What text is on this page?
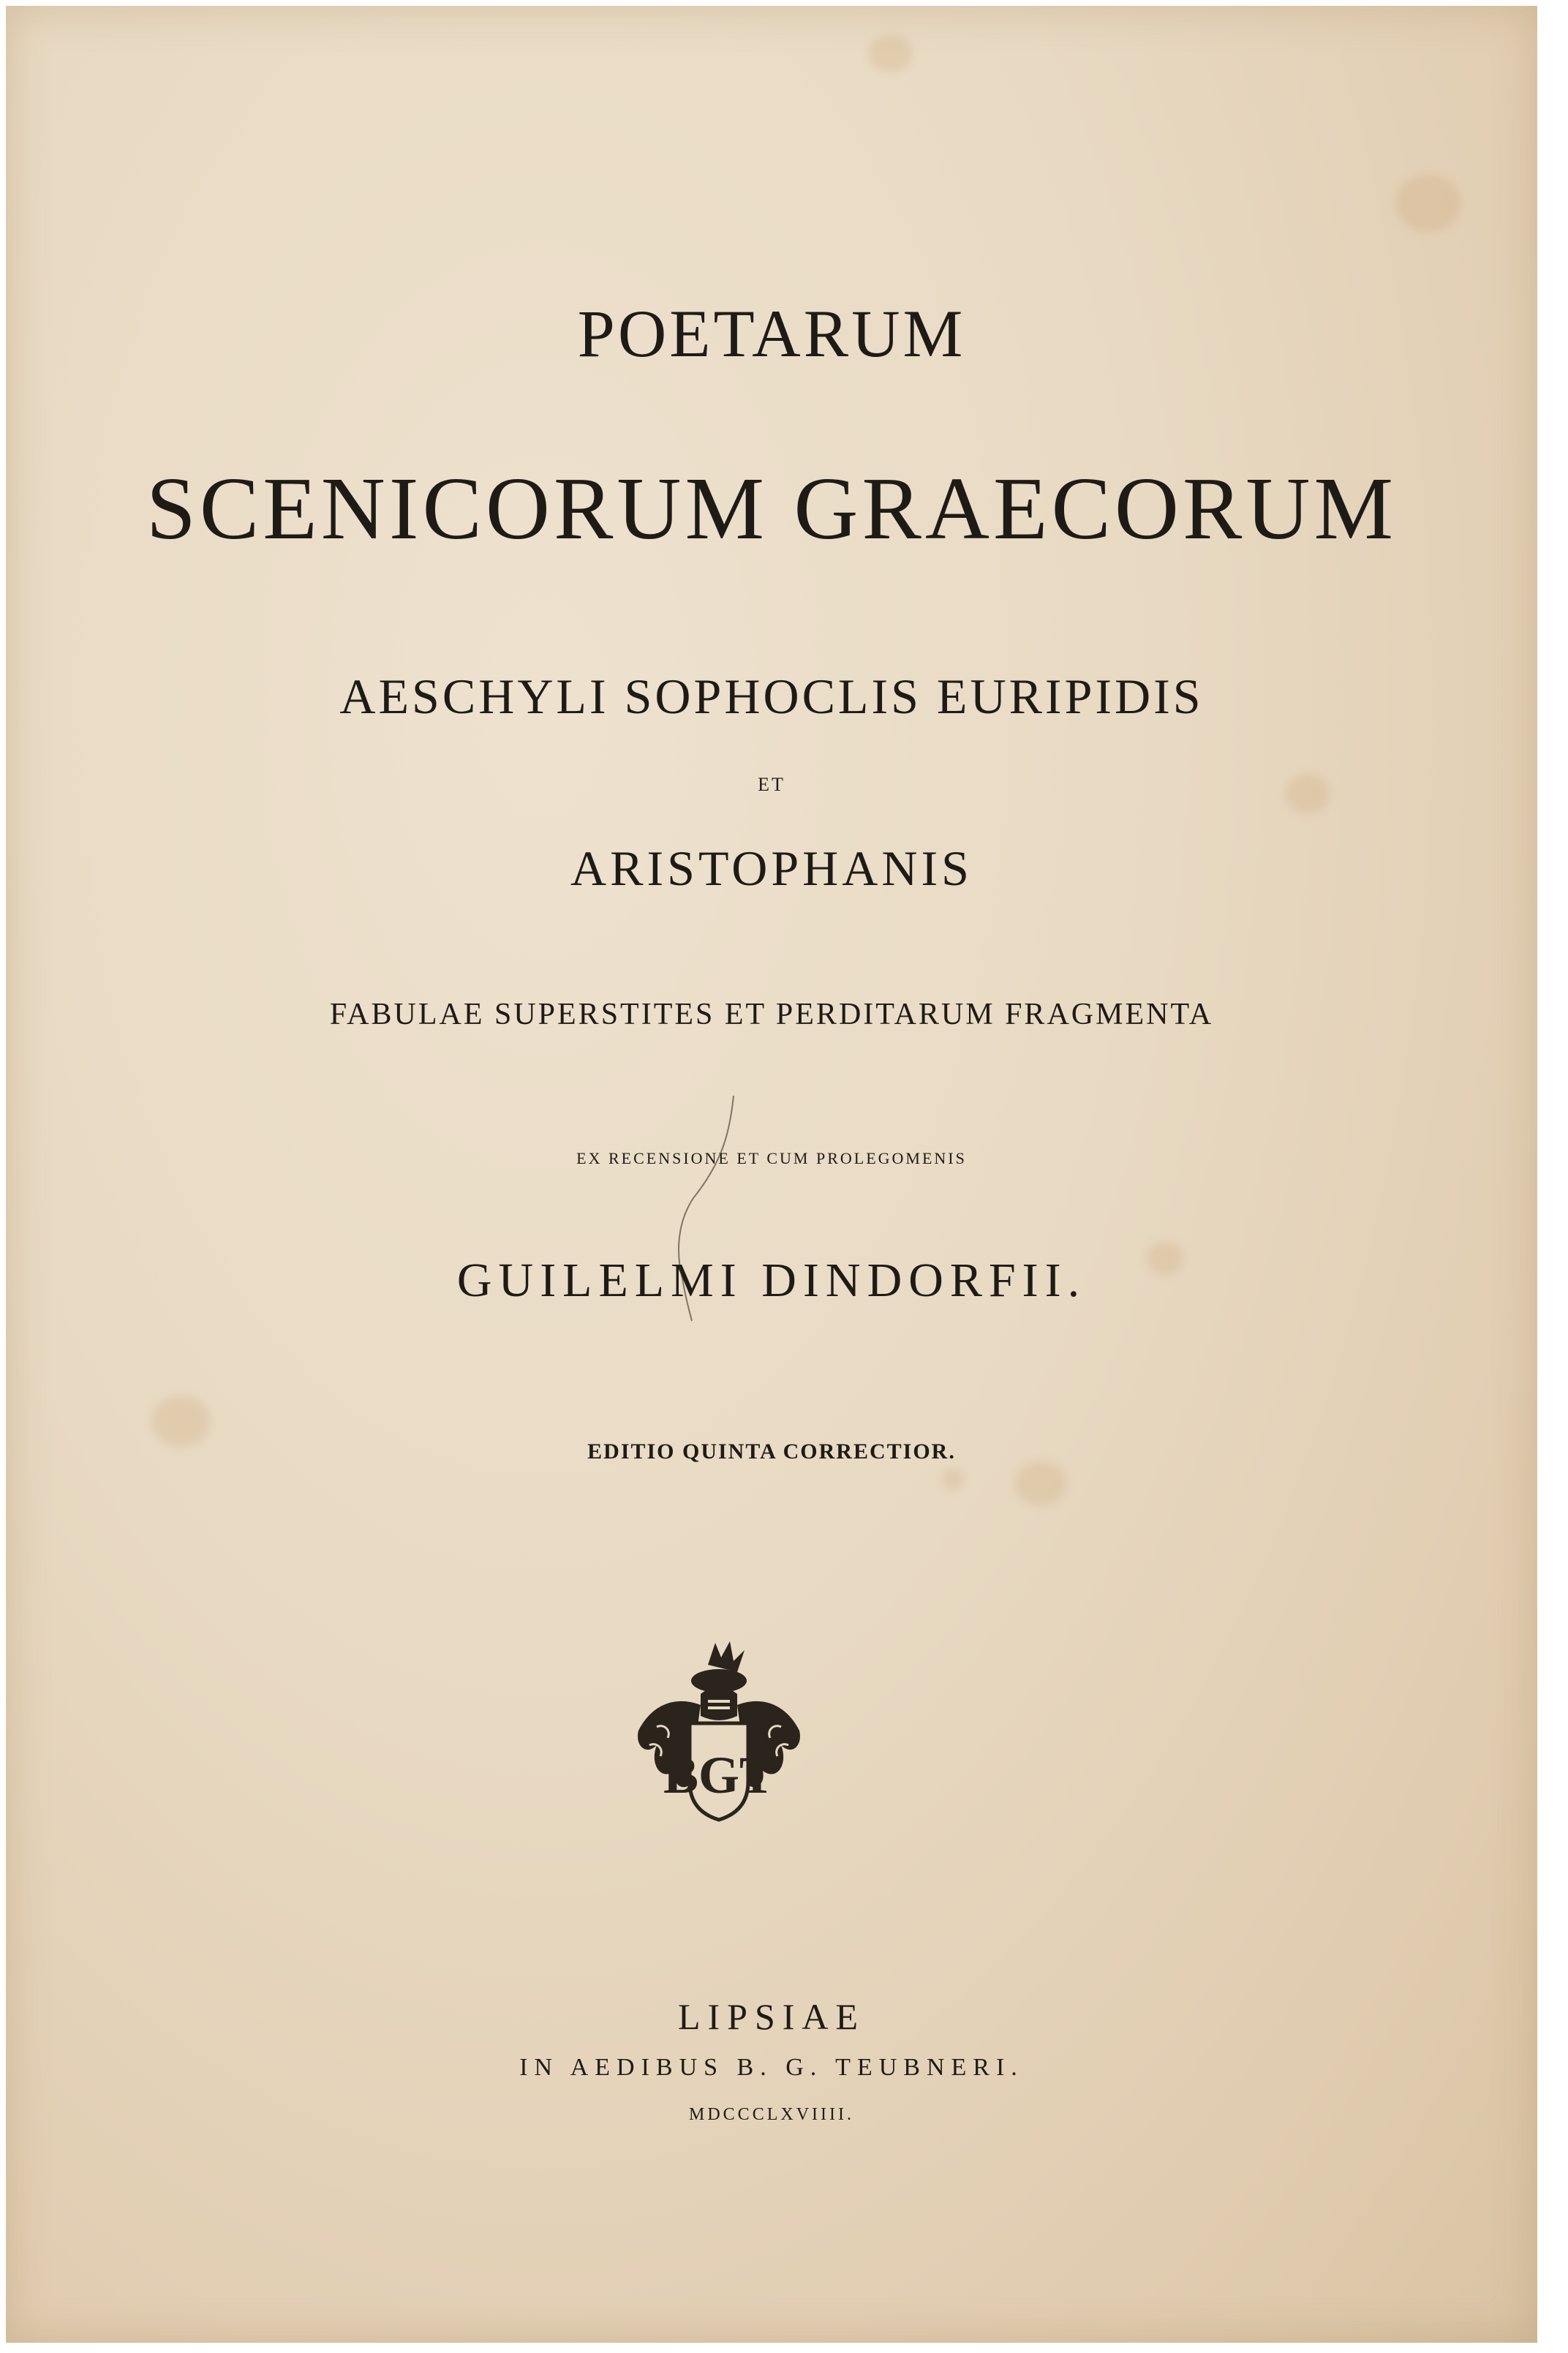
POETARUM
SCENICORUM GRAECORUM
AESCHYLI SOPHOCLIS EURIPIDIS
ET
ARISTOPHANIS
FABULAE SUPERSTITES ET PERDITARUM FRAGMENTA
EX RECENSIONE ET CUM PROLEGOMENIS
GUILELMI DINDORFII.
EDITIO QUINTA CORRECTIOR.
BGT
LIPSIAE
IN AEDIBUS B. G. TEUBNERI.
MDCCCLXVIIII.
